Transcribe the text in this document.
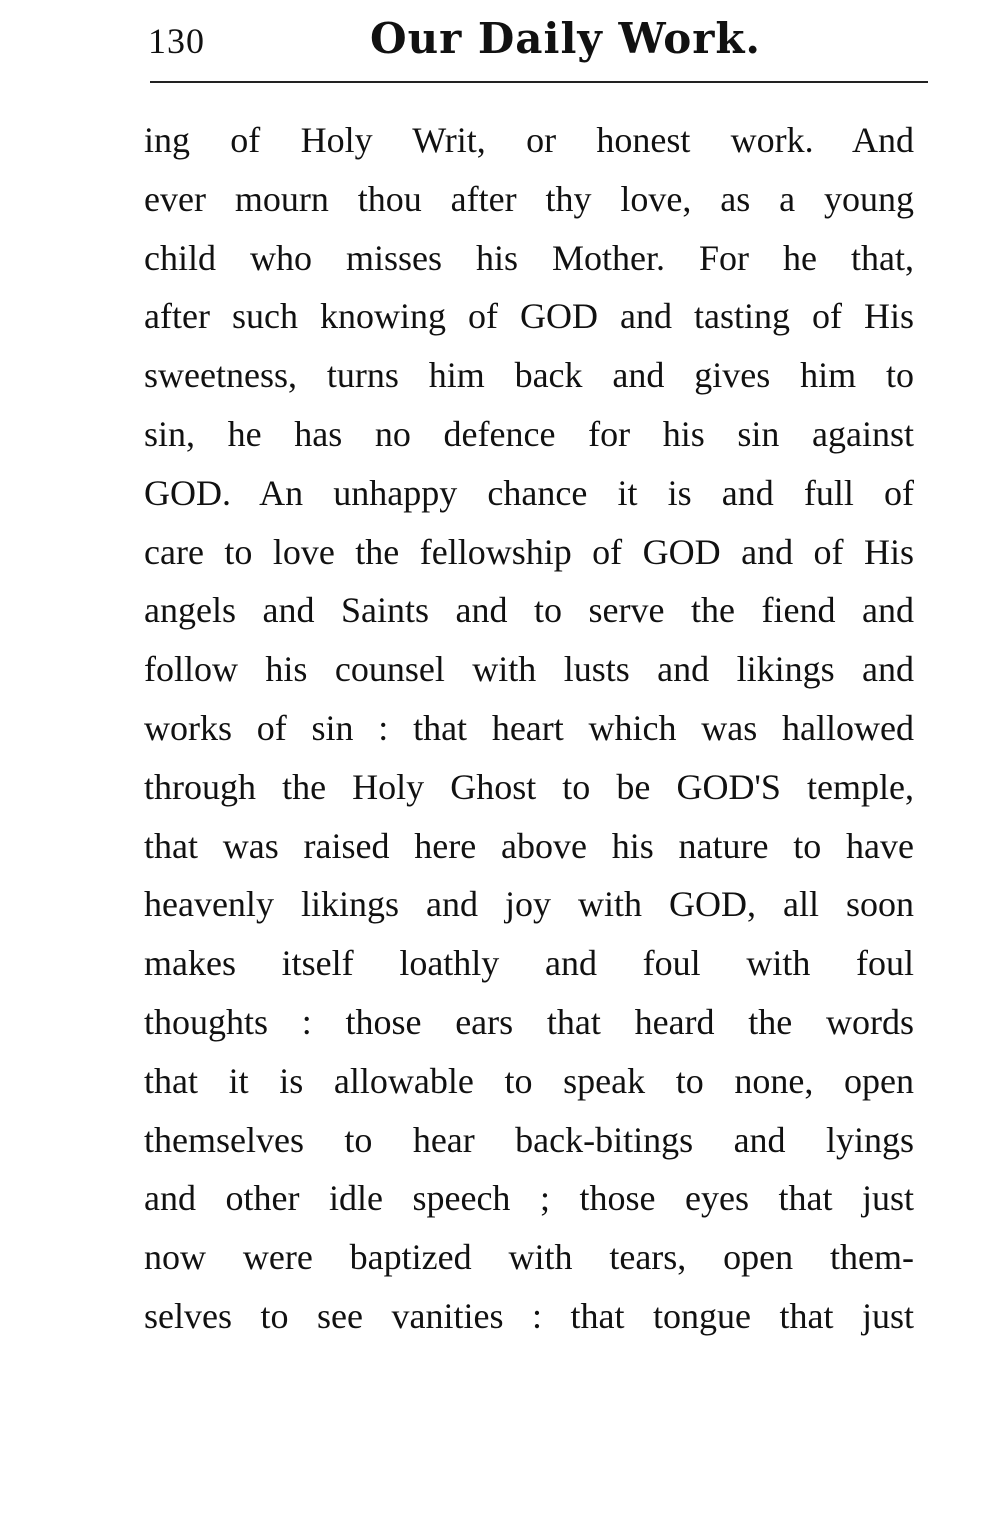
130	Our Daily Work.
ing of Holy Writ, or honest work. And
ever mourn thou after thy love, as a young
child who misses his Mother. For he that,
after such knowing of GOD and tasting of His
sweetness, turns him back and gives him to
sin, he has no defence for his sin against
GOD. An unhappy chance it is and full of
care to love the fellowship of GOD and of His
angels and Saints and to serve the fiend and
follow his counsel with lusts and likings and
works of sin : that heart which was hallowed
through the Holy Ghost to be GOD'S temple,
that was raised here above his nature to have
heavenly likings and joy with GOD, all soon
makes itself loathly and foul with foul
thoughts : those ears that heard the words
that it is allowable to speak to none, open
themselves to hear back-bitings and lyings
and other idle speech ; those eyes that just
now were baptized with tears, open them-
selves to see vanities : that tongue that just
